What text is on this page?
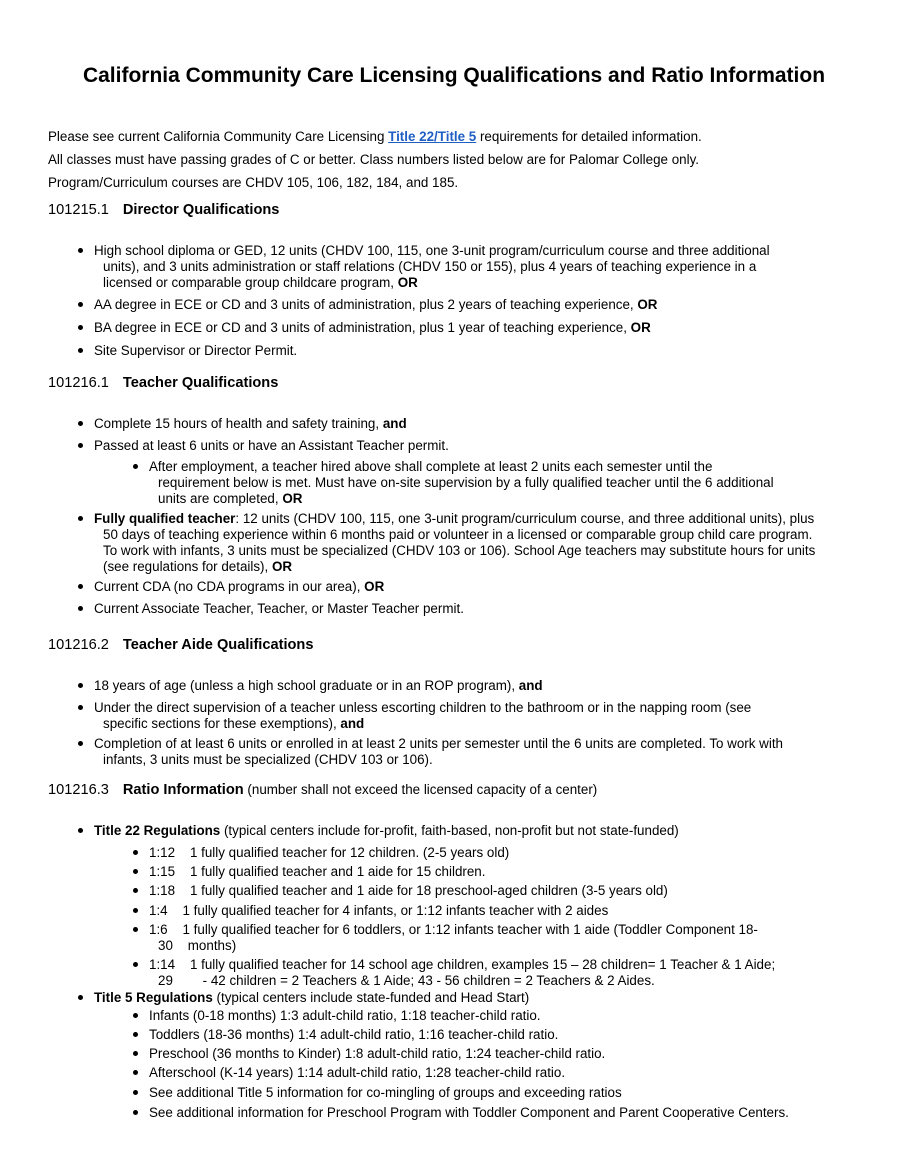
California Community Care Licensing Qualifications and Ratio Information

Please see current California Community Care Licensing Title 22/Title 5 requirements for detailed information.

All classes must have passing grades of C or better. Class numbers listed below are for Palomar College only.

Program/Curriculum courses are CHDV 105, 106, 182, 184, and 185.

101215.1 Director Qualifications
High school diploma or GED, 12 units (CHDV 100, 115, one 3-unit program/curriculum course and three additional
units), and 3 units administration or staff relations (CHDV 150 or 155), plus 4 years of teaching experience in a
licensed or comparable group childcare program, OR
AA degree in ECE or CD and 3 units of administration, plus 2 years of teaching experience, OR
BA degree in ECE or CD and 3 units of administration, plus 1 year of teaching experience, OR
Site Supervisor or Director Permit.
101216.1 Teacher Qualifications
Complete 15 hours of health and safety training, and
Passed at least 6 units or have an Assistant Teacher permit.
After employment, a teacher hired above shall complete at least 2 units each semester until the
requirement below is met. Must have on-site supervision by a fully qualified teacher until the 6 additional
units are completed, OR
Fully qualified teacher: 12 units (CHDV 100, 115, one 3-unit program/curriculum course, and three additional units), plus
50 days of teaching experience within 6 months paid or volunteer in a licensed or comparable group child care program.
To work with infants, 3 units must be specialized (CHDV 103 or 106). School Age teachers may substitute hours for units
(see regulations for details), OR
Current CDA (no CDA programs in our area), OR
Current Associate Teacher, Teacher, or Master Teacher permit.
101216.2 Teacher Aide Qualifications
18 years of age (unless a high school graduate or in an ROP program), and
Under the direct supervision of a teacher unless escorting children to the bathroom or in the napping room (see
specific sections for these exemptions), and
Completion of at least 6 units or enrolled in at least 2 units per semester until the 6 units are completed. To work with
infants, 3 units must be specialized (CHDV 103 or 106).
101216.3 Ratio Information (number shall not exceed the licensed capacity of a center)
Title 22 Regulations (typical centers include for-profit, faith-based, non-profit but not state-funded)
1:12    1 fully qualified teacher for 12 children. (2-5 years old)
1:15    1 fully qualified teacher and 1 aide for 15 children.
1:18    1 fully qualified teacher and 1 aide for 18 preschool-aged children (3-5 years old)
1:4    1 fully qualified teacher for 4 infants, or 1:12 infants teacher with 2 aides
1:6    1 fully qualified teacher for 6 toddlers, or 1:12 infants teacher with 1 aide (Toddler Component 18-
30    months)
1:14    1 fully qualified teacher for 14 school age children, examples 15 – 28 children= 1 Teacher & 1 Aide;
29        - 42 children = 2 Teachers & 1 Aide; 43 - 56 children = 2 Teachers & 2 Aides.
Title 5 Regulations (typical centers include state-funded and Head Start)
Infants (0-18 months) 1:3 adult-child ratio, 1:18 teacher-child ratio.
Toddlers (18-36 months) 1:4 adult-child ratio, 1:16 teacher-child ratio.
Preschool (36 months to Kinder) 1:8 adult-child ratio, 1:24 teacher-child ratio.
Afterschool (K-14 years) 1:14 adult-child ratio, 1:28 teacher-child ratio.
See additional Title 5 information for co-mingling of groups and exceeding ratios
See additional information for Preschool Program with Toddler Component and Parent Cooperative Centers.
